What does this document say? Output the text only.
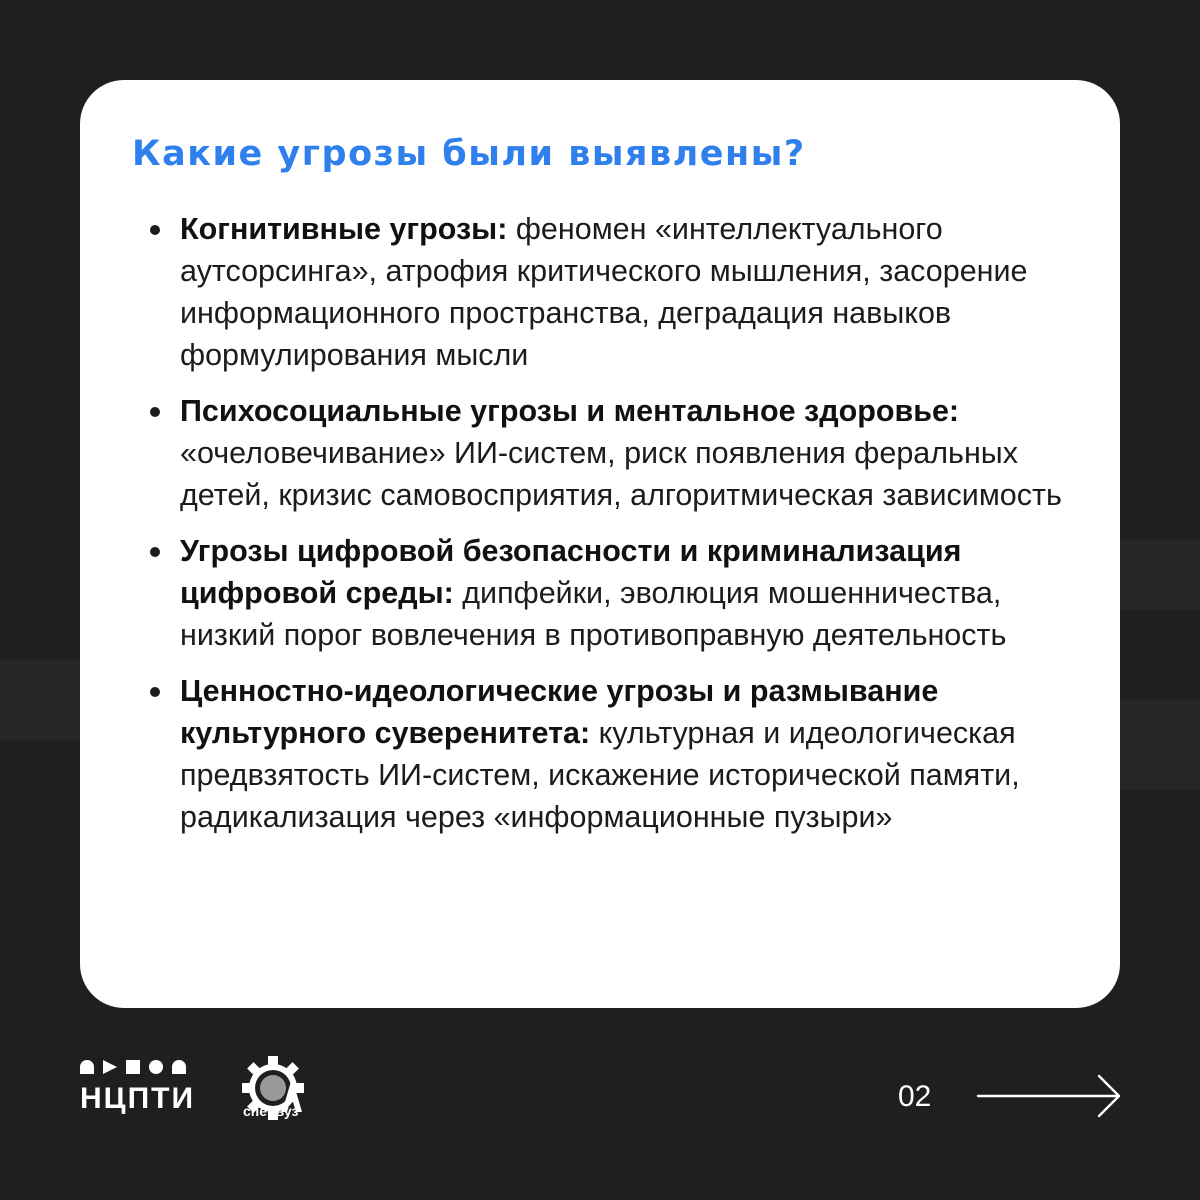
Какие угрозы были выявлены?
Когнитивные угрозы: феномен «интеллектуального аутсорсинга», атрофия критического мышления, засорение информационного пространства, деградация навыков формулирования мысли
Психосоциальные угрозы и ментальное здоровье: «очеловечивание» ИИ-систем, риск появления феральных детей, кризис самовосприятия, алгоритмическая зависимость
Угрозы цифровой безопасности и криминализация цифровой среды: дипфейки, эволюция мошенничества, низкий порог вовлечения в противоправную деятельность
Ценностно-идеологические угрозы и размывание культурного суверенитета: культурная и идеологическая предвзятость ИИ-систем, искажение исторической памяти, радикализация через «информационные пузыри»
НЦПТИ	спецвуз	02
